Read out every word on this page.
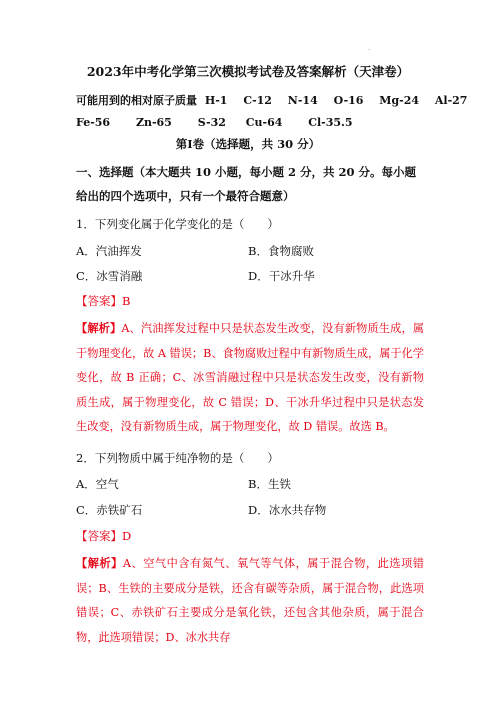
·
2023年中考化学第三次模拟考试卷及答案解析（天津卷）
可能用到的相对原子质量 H-1 C-12 N-14 O-16 Mg-24 Al-27
Fe-56 Zn-65 S-32 Cu-64 Cl-35.5
第Ⅰ卷（选择题，共 30 分）
一、选择题（本大题共 10 小题，每小题 2 分，共 20 分。每小题给出的四个选项中，只有一个最符合题意）
1．下列变化属于化学变化的是（　　）
A．汽油挥发	B．食物腐败
C．冰雪消融	D．干冰升华
【答案】B
【解析】A、汽油挥发过程中只是状态发生改变，没有新物质生成，属于物理变化，故 A 错误；B、食物腐败过程中有新物质生成，属于化学变化，故 B 正确；C、冰雪消融过程中只是状态发生改变，没有新物质生成，属于物理变化，故 C 错误；D、干冰升华过程中只是状态发生改变，没有新物质生成，属于物理变化，故 D 错误。故选 B。
2．下列物质中属于纯净物的是（　　）
A．空气	B．生铁
C．赤铁矿石	D．冰水共存物
【答案】D
【解析】A、空气中含有氮气、氧气等气体，属于混合物，此选项错误；B、生铁的主要成分是铁，还含有碳等杂质，属于混合物，此选项错误；C、赤铁矿石主要成分是氧化铁，还包含其他杂质，属于混合物，此选项错误；D、冰水共存
